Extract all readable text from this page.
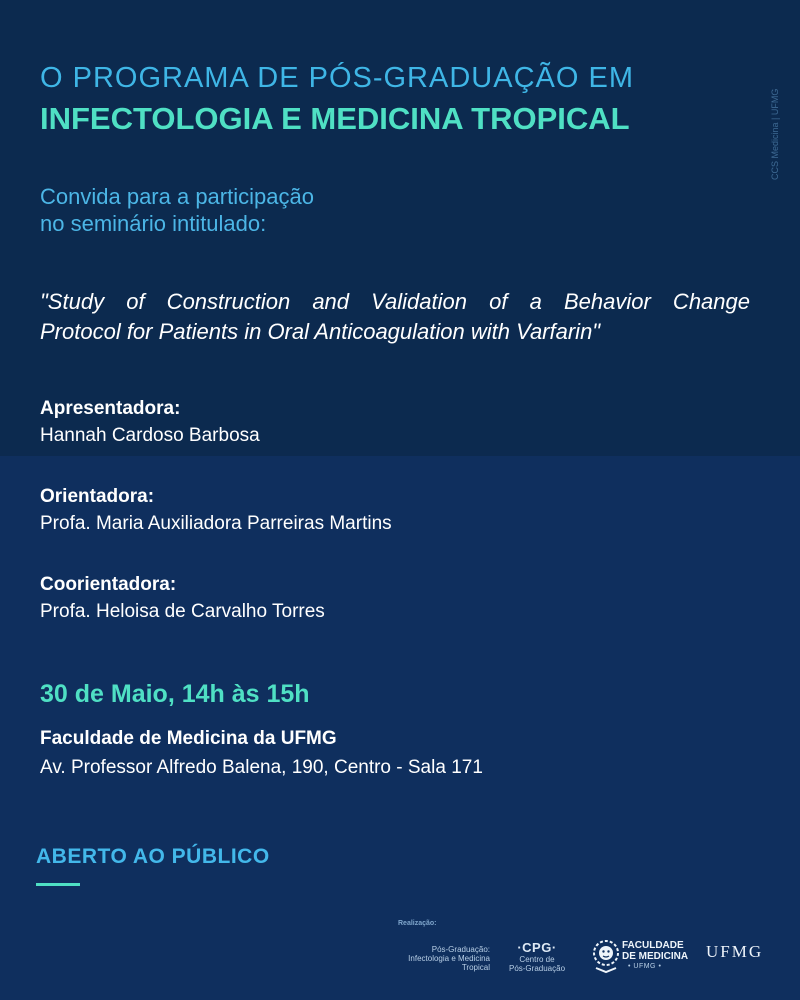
O PROGRAMA DE PÓS-GRADUAÇÃO EM
INFECTOLOGIA E MEDICINA TROPICAL	CCS Medicina | UFMG
Convida para a participação
no seminário intitulado:
"Study of Construction and Validation of a Behavior Change
Protocol for Patients in Oral Anticoagulation with Varfarin"
Apresentadora:
Hannah Cardoso Barbosa
Orientadora:
Profa. Maria Auxiliadora Parreiras Martins
Coorientadora:
Profa. Heloisa de Carvalho Torres
30 de Maio, 14h às 15h
Faculdade de Medicina da UFMG
Av. Professor Alfredo Balena, 190, Centro - Sala 171
ABERTO AO PÚBLICO
Realização:
Pós-Graduação:
Infectologia e Medicina
Tropical
·CPG·
Centro de
Pós-Graduação
FACULDADE
DE MEDICINA
• UFMG •
UFMG
